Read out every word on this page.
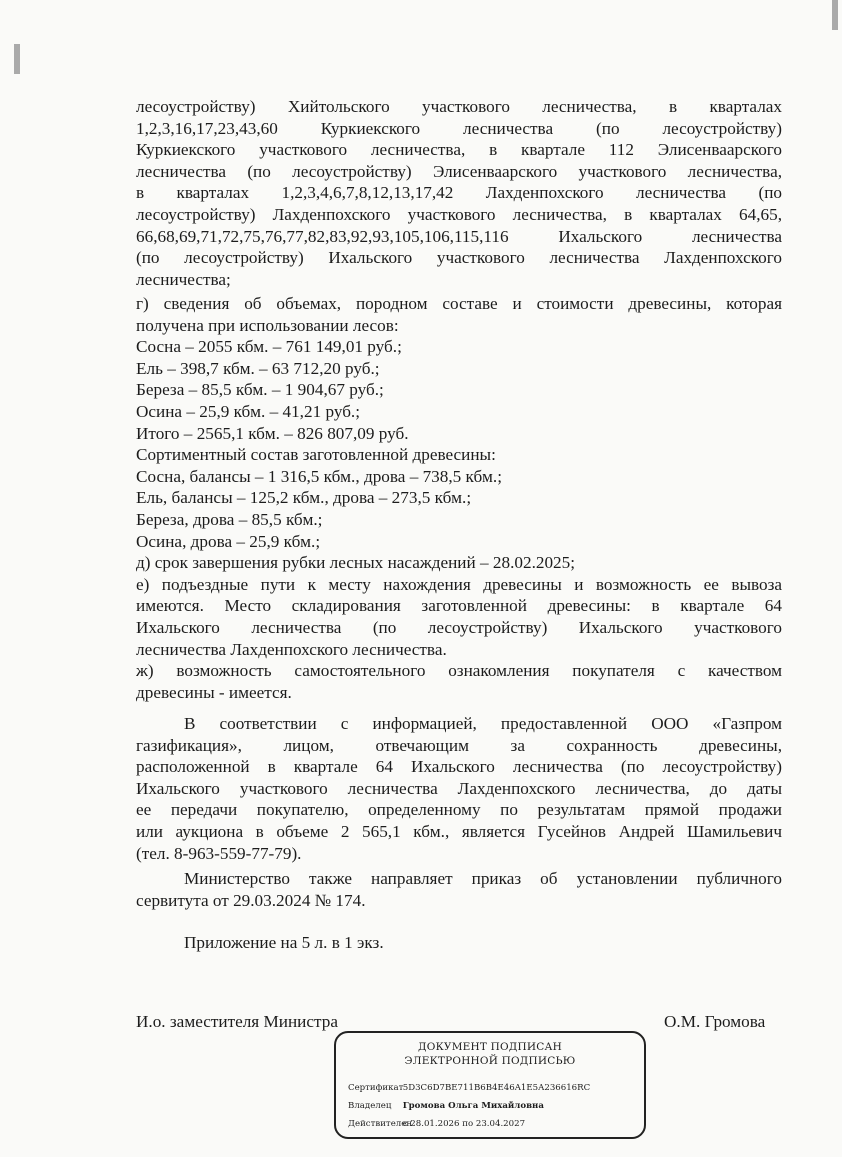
лесоустройству) Хийтольского участкового лесничества, в кварталах
1,2,3,16,17,23,43,60 Куркиекского лесничества (по лесоустройству)
Куркиекского участкового лесничества, в квартале 112 Элисенваарского
лесничества (по лесоустройству) Элисенваарского участкового лесничества,
в кварталах 1,2,3,4,6,7,8,12,13,17,42 Лахденпохского лесничества (по
лесоустройству) Лахденпохского участкового лесничества, в кварталах 64,65,
66,68,69,71,72,75,76,77,82,83,92,93,105,106,115,116 Ихальского лесничества
(по лесоустройству) Ихальского участкового лесничества Лахденпохского
лесничества;
г) сведения об объемах, породном составе и стоимости древесины, которая
получена при использовании лесов:
Сосна – 2055 кбм. – 761 149,01 руб.;
Ель – 398,7 кбм. – 63 712,20 руб.;
Береза – 85,5 кбм. – 1 904,67 руб.;
Осина – 25,9 кбм. – 41,21 руб.;
Итого – 2565,1 кбм. – 826 807,09 руб.
Сортиментный состав заготовленной древесины:
Сосна, балансы – 1 316,5 кбм., дрова – 738,5 кбм.;
Ель, балансы – 125,2 кбм., дрова – 273,5 кбм.;
Береза, дрова – 85,5 кбм.;
Осина, дрова – 25,9 кбм.;
д) срок завершения рубки лесных насаждений – 28.02.2025;
е) подъездные пути к месту нахождения древесины и возможность ее вывоза
имеются. Место складирования заготовленной древесины: в квартале 64
Ихальского лесничества (по лесоустройству) Ихальского участкового
лесничества Лахденпохского лесничества.
ж) возможность самостоятельного ознакомления покупателя с качеством
древесины - имеется.
В соответствии с информацией, предоставленной ООО «Газпром
газификация», лицом, отвечающим за сохранность древесины,
расположенной в квартале 64 Ихальского лесничества (по лесоустройству)
Ихальского участкового лесничества Лахденпохского лесничества, до даты
ее передачи покупателю, определенному по результатам прямой продажи
или аукциона в объеме 2 565,1 кбм., является Гусейнов Андрей Шамильевич
(тел. 8-963-559-77-79).
Министерство также направляет приказ об установлении публичного
сервитута от 29.03.2024 № 174.
Приложение на 5 л. в 1 экз.
И.о. заместителя Министра	О.М. Громова
ДОКУМЕНТ ПОДПИСАН
ЭЛЕКТРОННОЙ ПОДПИСЬЮ
Сертификат 5D3C6D7BE711B6B4E46A1E5A236616RC
Владелец Громова Ольга Михайловна
Действителен с 28.01.2026 по 23.04.2027
